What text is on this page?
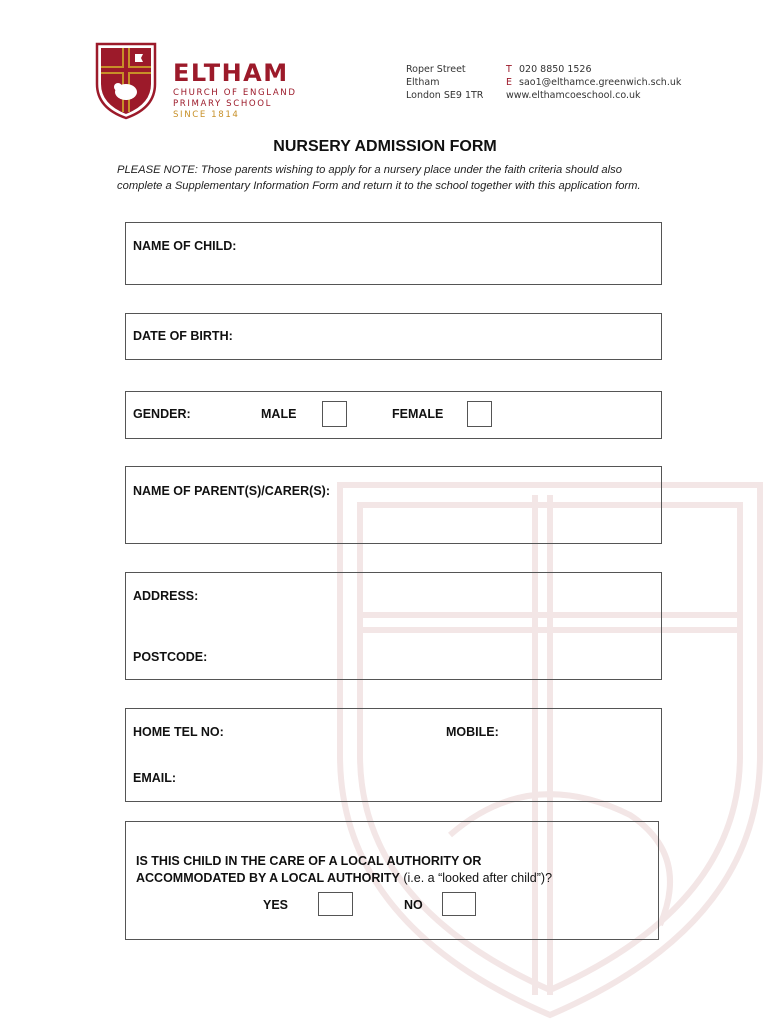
ELTHAM
CHURCH OF ENGLAND
PRIMARY SCHOOL
SINCE 1814
Roper Street
Eltham
London SE9 1TR
T 020 8850 1526
E sao1@elthamce.greenwich.sch.uk
www.elthamcoeschool.co.uk
NURSERY ADMISSION FORM
PLEASE NOTE: Those parents wishing to apply for a nursery place under the faith criteria should also complete a Supplementary Information Form and return it to the school together with this application form.
NAME OF CHILD:
DATE OF BIRTH:
GENDER:	MALE	FEMALE
NAME OF PARENT(S)/CARER(S):
ADDRESS:
POSTCODE:
HOME TEL NO:	MOBILE:
EMAIL:
IS THIS CHILD IN THE CARE OF A LOCAL AUTHORITY OR
ACCOMMODATED BY A LOCAL AUTHORITY (i.e. a “looked after child”)?
YES	NO
